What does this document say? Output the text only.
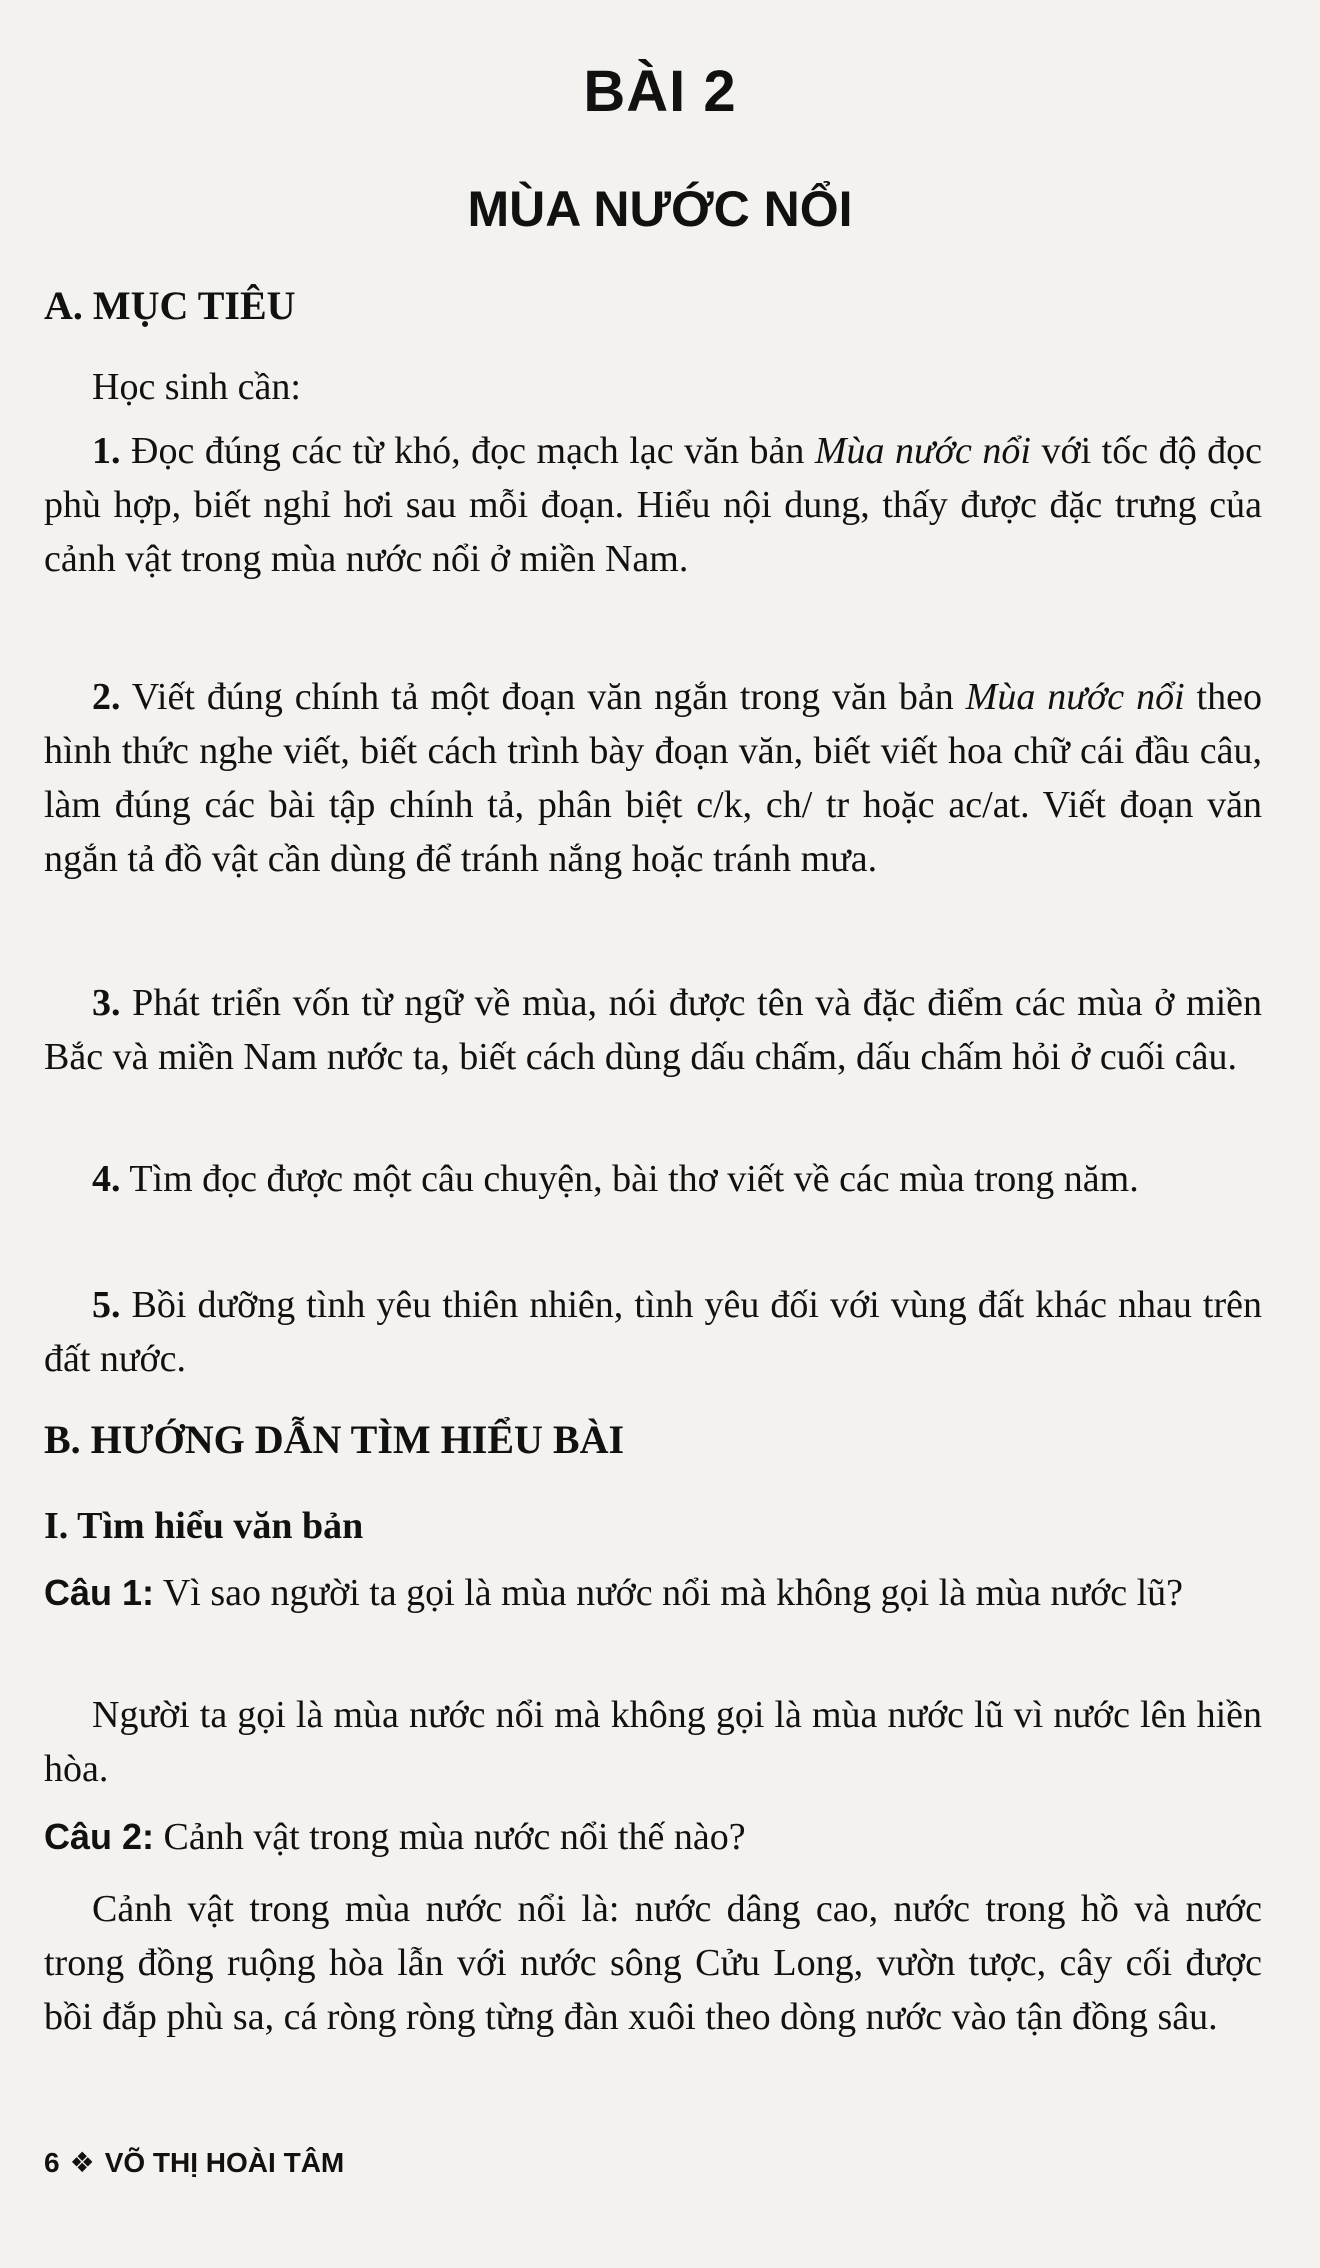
BÀI 2
MÙA NƯỚC NỔI
A. MỤC TIÊU
Học sinh cần:
1. Đọc đúng các từ khó, đọc mạch lạc văn bản Mùa nước nổi với tốc độ đọc phù hợp, biết nghỉ hơi sau mỗi đoạn. Hiểu nội dung, thấy được đặc trưng của cảnh vật trong mùa nước nổi ở miền Nam.
2. Viết đúng chính tả một đoạn văn ngắn trong văn bản Mùa nước nổi theo hình thức nghe viết, biết cách trình bày đoạn văn, biết viết hoa chữ cái đầu câu, làm đúng các bài tập chính tả, phân biệt c/k, ch/ tr hoặc ac/at. Viết đoạn văn ngắn tả đồ vật cần dùng để tránh nắng hoặc tránh mưa.
3. Phát triển vốn từ ngữ về mùa, nói được tên và đặc điểm các mùa ở miền Bắc và miền Nam nước ta, biết cách dùng dấu chấm, dấu chấm hỏi ở cuối câu.
4. Tìm đọc được một câu chuyện, bài thơ viết về các mùa trong năm.
5. Bồi dưỡng tình yêu thiên nhiên, tình yêu đối với vùng đất khác nhau trên đất nước.
B. HƯỚNG DẪN TÌM HIỂU BÀI
I. Tìm hiểu văn bản
Câu 1: Vì sao người ta gọi là mùa nước nổi mà không gọi là mùa nước lũ?
Người ta gọi là mùa nước nổi mà không gọi là mùa nước lũ vì nước lên hiền hòa.
Câu 2: Cảnh vật trong mùa nước nổi thế nào?
Cảnh vật trong mùa nước nổi là: nước dâng cao, nước trong hồ và nước trong đồng ruộng hòa lẫn với nước sông Cửu Long, vườn tược, cây cối được bồi đắp phù sa, cá ròng ròng từng đàn xuôi theo dòng nước vào tận đồng sâu.
6 ❖ VÕ THỊ HOÀI TÂM
